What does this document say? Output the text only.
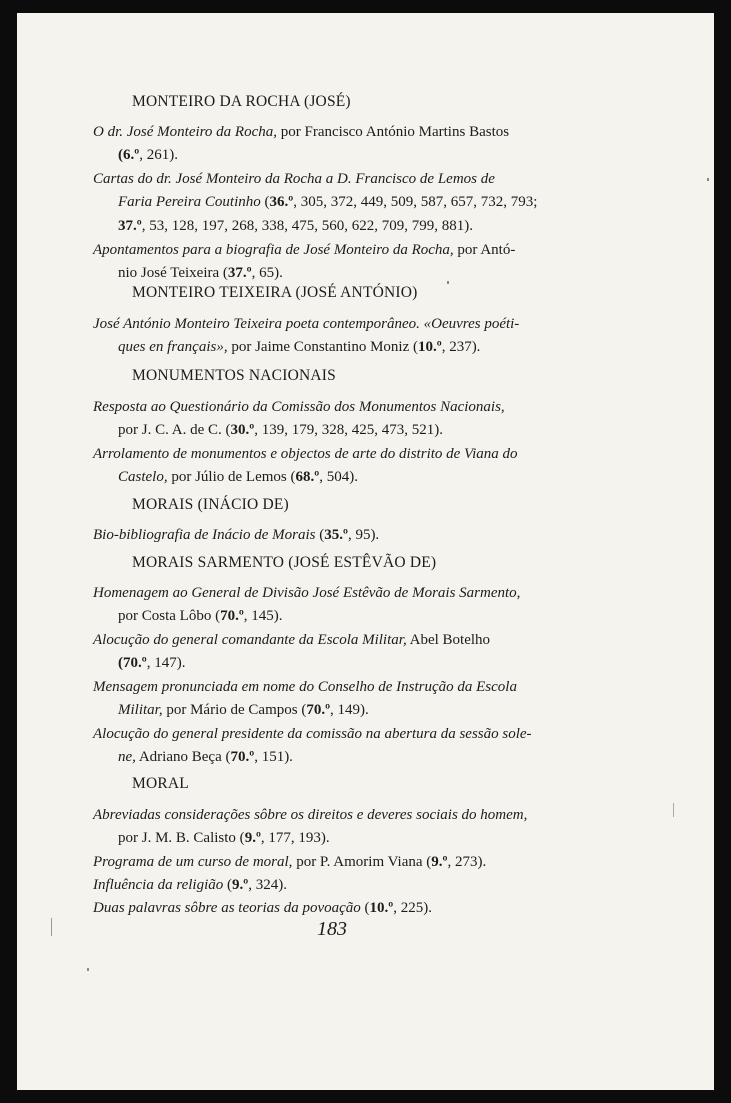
MONTEIRO DA ROCHA (JOSÉ)
O dr. José Monteiro da Rocha, por Francisco António Martins Bastos
(6.º, 261).
Cartas do dr. José Monteiro da Rocha a D. Francisco de Lemos de
Faria Pereira Coutinho (36.º, 305, 372, 449, 509, 587, 657, 732, 793;
37.º, 53, 128, 197, 268, 338, 475, 560, 622, 709, 799, 881).
Apontamentos para a biografia de José Monteiro da Rocha, por Antó-
nio José Teixeira (37.º, 65).
MONTEIRO TEIXEIRA (JOSÉ ANTÓNIO)
José António Monteiro Teixeira poeta contemporâneo. «Oeuvres poéti-
ques en français», por Jaime Constantino Moniz (10.º, 237).
MONUMENTOS NACIONAIS
Resposta ao Questionário da Comissão dos Monumentos Nacionais,
por J. C. A. de C. (30.º, 139, 179, 328, 425, 473, 521).
Arrolamento de monumentos e objectos de arte do distrito de Viana do
Castelo, por Júlio de Lemos (68.º, 504).
MORAIS (INÁCIO DE)
Bio-bibliografia de Inácio de Morais (35.º, 95).
MORAIS SARMENTO (JOSÉ ESTÊVÃO DE)
Homenagem ao General de Divisão José Estêvão de Morais Sarmento,
por Costa Lôbo (70.º, 145).
Alocução do general comandante da Escola Militar, Abel Botelho
(70.º, 147).
Mensagem pronunciada em nome do Conselho de Instrução da Escola
Militar, por Mário de Campos (70.º, 149).
Alocução do general presidente da comissão na abertura da sessão sole-
ne, Adriano Beça (70.º, 151).
MORAL
Abreviadas considerações sôbre os direitos e deveres sociais do homem,
por J. M. B. Calisto (9.º, 177, 193).
Programa de um curso de moral, por P. Amorim Viana (9.º, 273).
Influência da religião (9.º, 324).
Duas palavras sôbre as teorias da povoação (10.º, 225).
183
